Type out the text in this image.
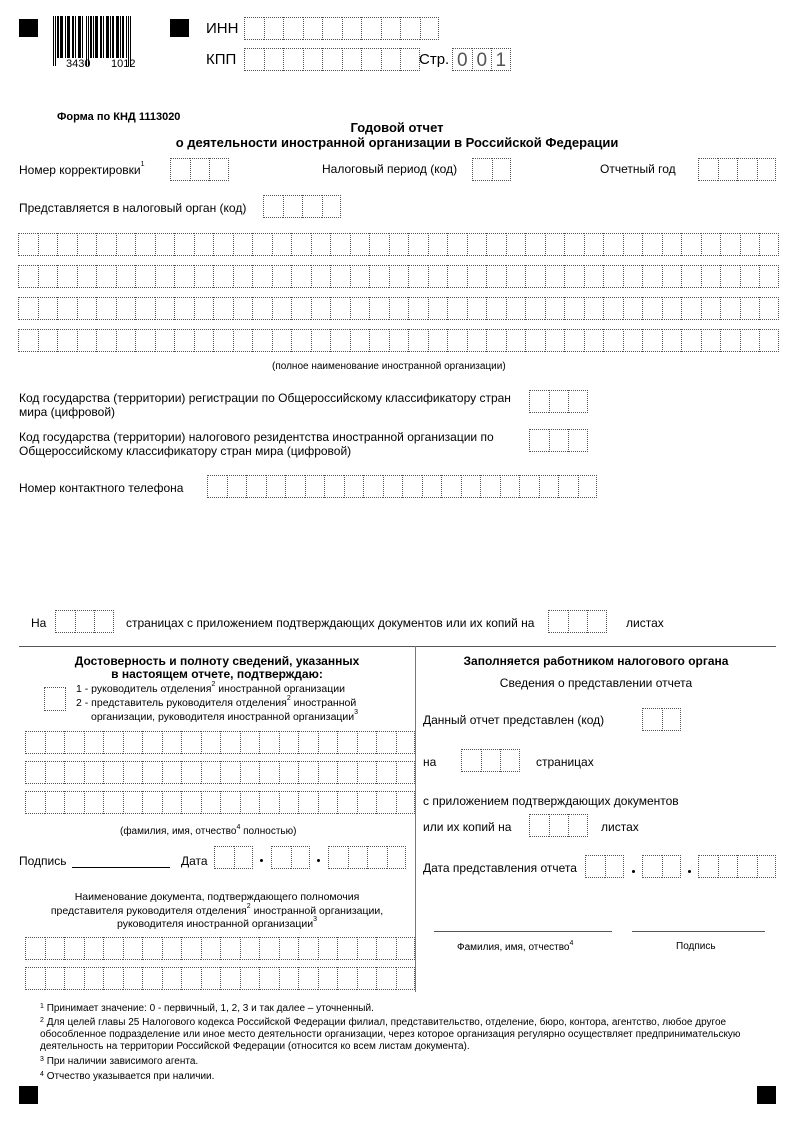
3430 1012
ИНН
КПП	Стр. 0 0 1
Форма по КНД 1113020
Годовой отчет
о деятельности иностранной организации в Российской Федерации
Номер корректировки$^1$	Налоговый период (код)	Отчетный год
Представляется в налоговый орган (код)
(полное наименование иностранной организации)
Код государства (территории) регистрации по Общероссийскому классификатору стран
мира (цифровой)
Код государства (территории) налогового резидентства иностранной организации по
Общероссийскому классификатору стран мира (цифровой)
Номер контактного телефона
На	страницах с приложением подтверждающих документов или их копий на	листах
Достоверность и полноту сведений, указанных
в настоящем отчете, подтверждаю:
1 - руководитель отделения$^2$ иностранной организации
2 - представитель руководителя отделения$^2$ иностранной
организации, руководителя иностранной организации$^3$
(фамилия, имя, отчество$^4$ полностью)
Подпись	Дата
Наименование документа, подтверждающего полномочия
представителя руководителя отделения$^2$ иностранной организации,
руководителя иностранной организации$^3$
Заполняется работником налогового органа
Сведения о представлении отчета
Данный отчет представлен (код)
на	страницах
с приложением подтверждающих документов
или их копий на	листах
Дата представления отчета
Фамилия, имя, отчество$^4$	Подпись
$^1$ Принимает значение: 0 - первичный, 1, 2, 3 и так далее – уточненный.
$^2$ Для целей главы 25 Налогового кодекса Российской Федерации филиал, представительство, отделение, бюро, контора, агентство, любое другое обособленное подразделение или иное место деятельности организации, через которое организация регулярно осуществляет предпринимательскую деятельность на территории Российской Федерации (относится ко всем листам документа).
$^3$ При наличии зависимого агента.
$^4$ Отчество указывается при наличии.
